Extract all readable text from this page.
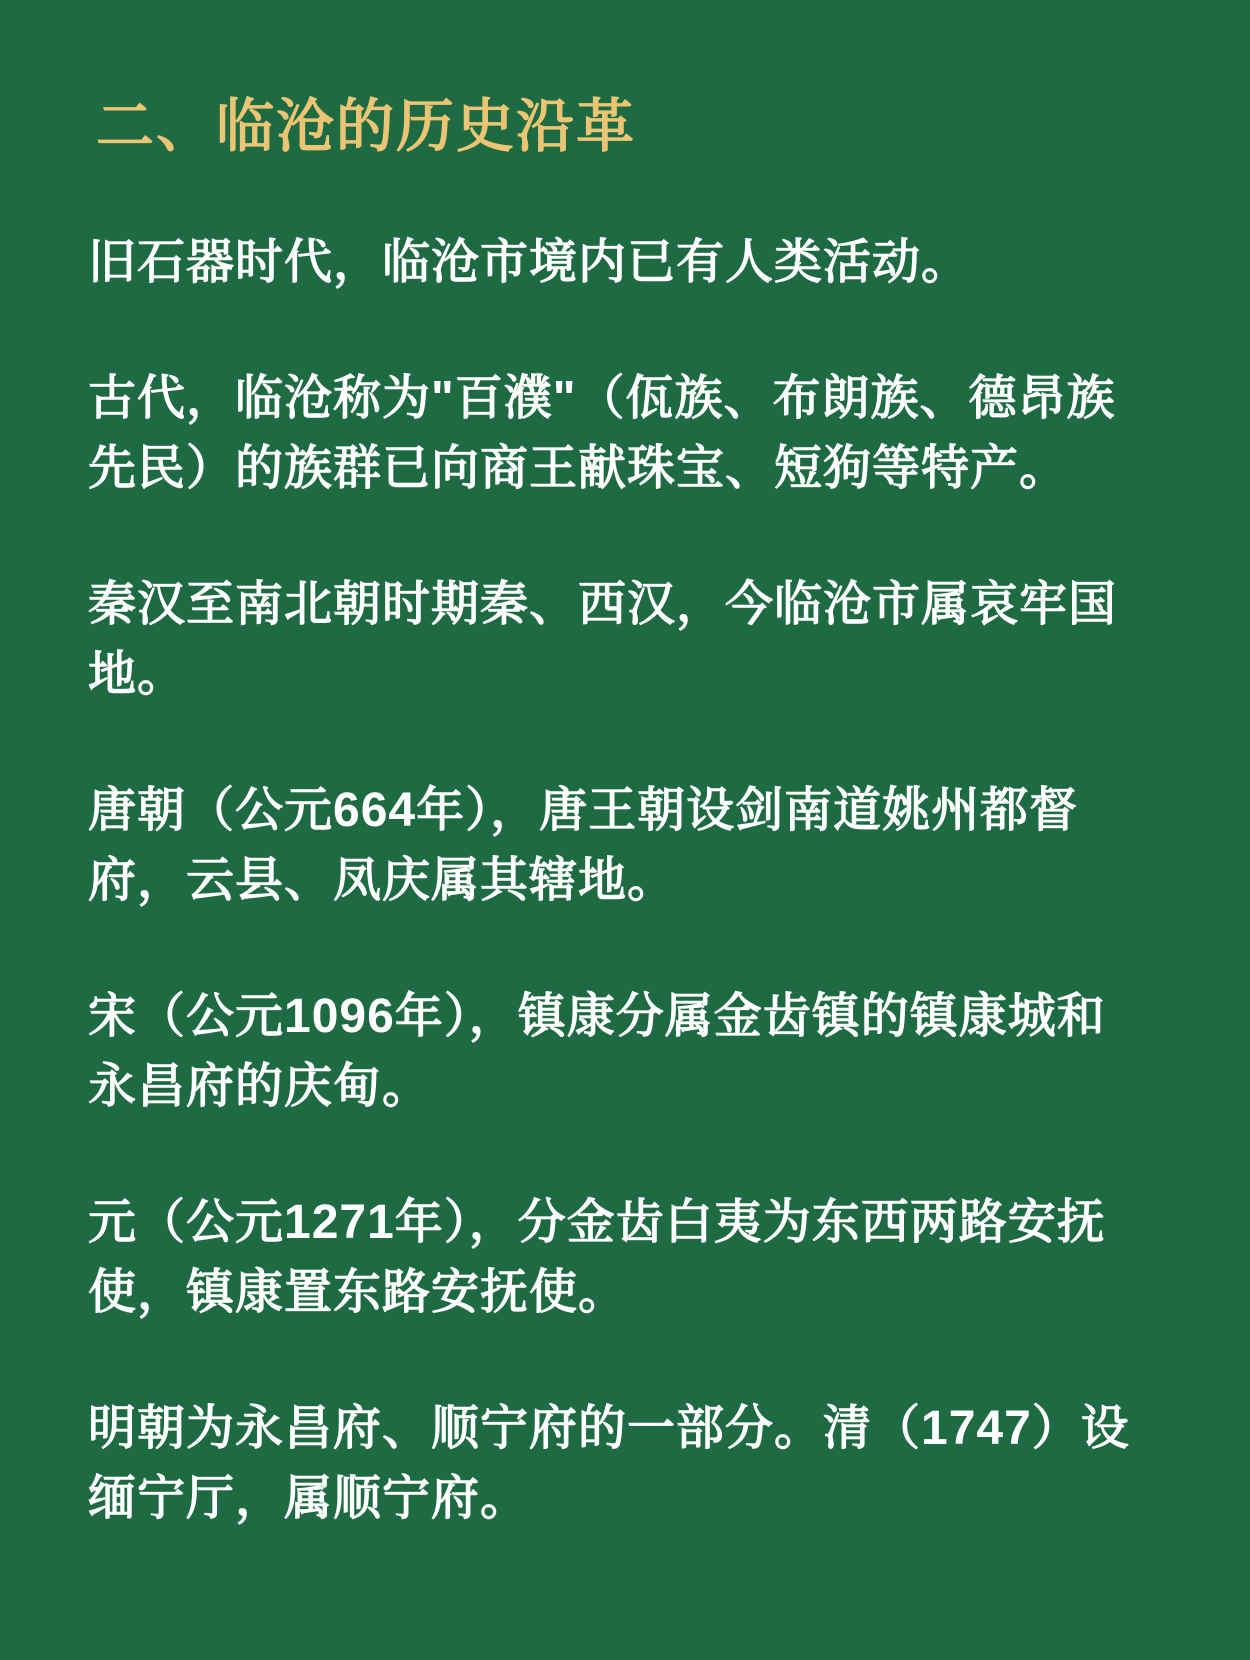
二、临沧的历史沿革

旧石器时代，临沧市境内已有人类活动。

古代，临沧称为"百濮"（佤族、布朗族、德昂族
先民）的族群已向商王献珠宝、短狗等特产。

秦汉至南北朝时期秦、西汉，今临沧市属哀牢国
地。

唐朝（公元664年），唐王朝设剑南道姚州都督
府，云县、凤庆属其辖地。

宋（公元1096年），镇康分属金齿镇的镇康城和
永昌府的庆甸。

元（公元1271年），分金齿白夷为东西两路安抚
使，镇康置东路安抚使。

明朝为永昌府、顺宁府的一部分。清（1747）设
缅宁厅，属顺宁府。
